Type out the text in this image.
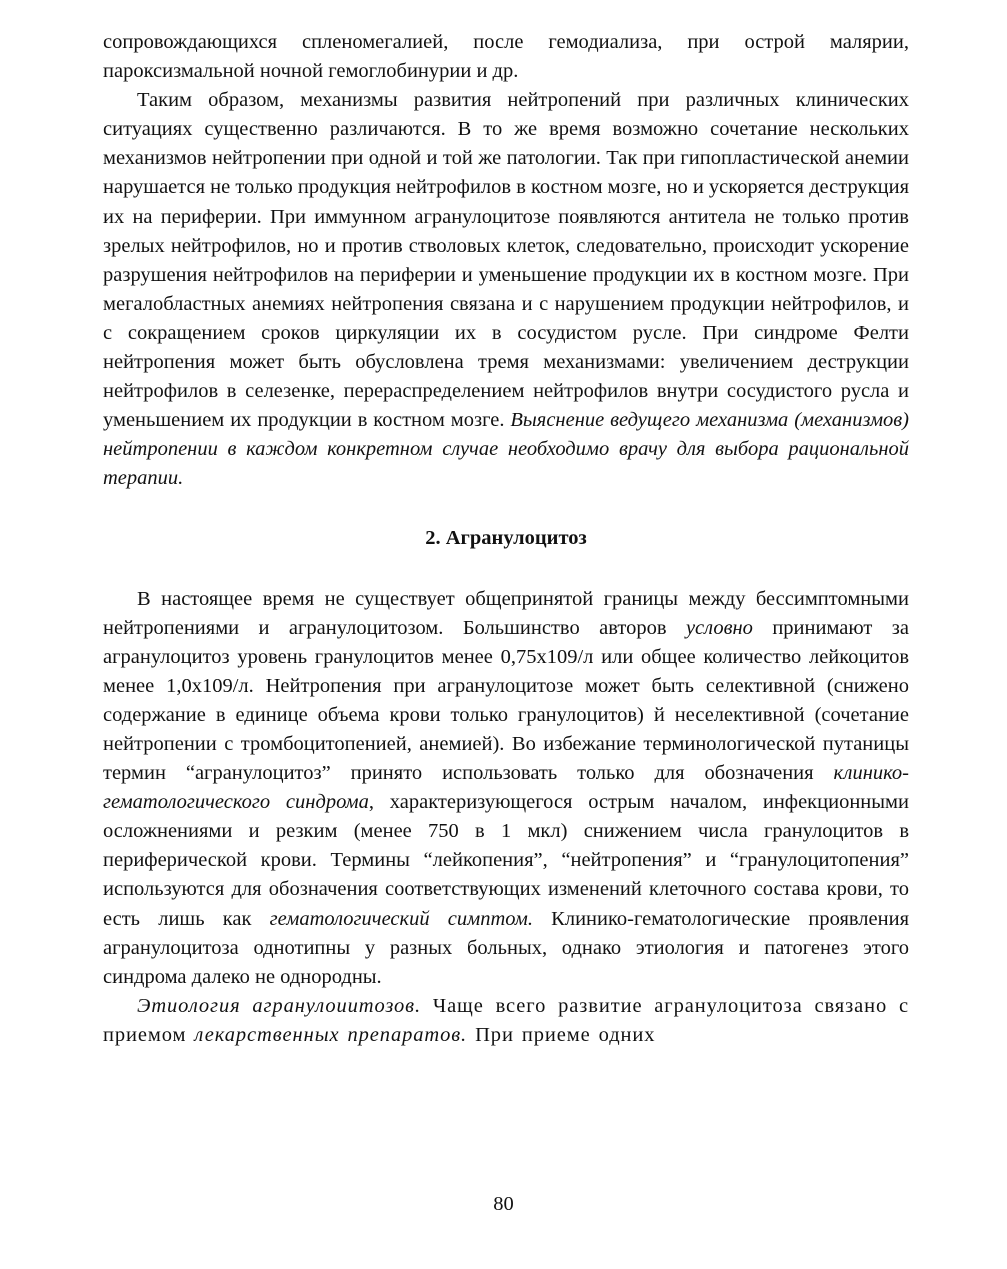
сопровождающихся спленомегалией, после гемодиализа, при острой малярии, пароксизмальной ночной гемоглобинурии и др.

Таким образом, механизмы развития нейтропений при различных клинических ситуациях существенно различаются. В то же время возможно сочетание нескольких механизмов нейтропении при одной и той же патологии. Так при гипопластической анемии нарушается не только продукция нейтрофилов в костном мозге, но и ускоряется деструкция их на периферии. При иммунном агранулоцитозе появляются антитела не только против зрелых нейтрофилов, но и против стволовых клеток, следовательно, происходит ускорение разрушения нейтрофилов на периферии и уменьшение продукции их в костном мозге. При мегалобластных анемиях нейтропения связана и с нарушением продукции нейтрофилов, и с сокращением сроков циркуляции их в сосудистом русле. При синдроме Фелти нейтропения может быть обусловлена тремя механизмами: увеличением деструкции нейтрофилов в селезенке, перераспределением нейтрофилов внутри сосудистого русла и уменьшением их продукции в костном мозге. Выяснение ведущего механизма (механизмов) нейтропении в каждом конкретном случае необходимо врачу для выбора рациональной терапии.

2. Агранулоцитоз

В настоящее время не существует общепринятой границы между бессимптомными нейтропениями и агранулоцитозом. Большинство авторов условно принимают за агранулоцитоз уровень гранулоцитов менее 0,75х109/л или общее количество лейкоцитов менее 1,0х109/л. Нейтропения при агранулоцитозе может быть селективной (снижено содержание в единице объема крови только гранулоцитов) й неселективной (сочетание нейтропении с тромбоцитопенией, анемией). Во избежание терминологической путаницы термин “агранулоцитоз” принято использовать только для обозначения клинико-гематологического синдрома, характеризующегося острым началом, инфекционными осложнениями и резким (менее 750 в 1 мкл) снижением числа гранулоцитов в периферической крови. Термины “лейкопения”, “нейтропения” и “гранулоцитопения” используются для обозначения соответствующих изменений клеточного состава крови, то есть лишь как гематологический симптом. Клинико-гематологические проявления агранулоцитоза однотипны у разных больных, однако этиология и патогенез этого синдрома далеко не однородны.

Этиология агранулоиитозов. Чаще всего развитие агранулоцитоза связано с приемом лекарственных препаратов. При приеме одних

80
